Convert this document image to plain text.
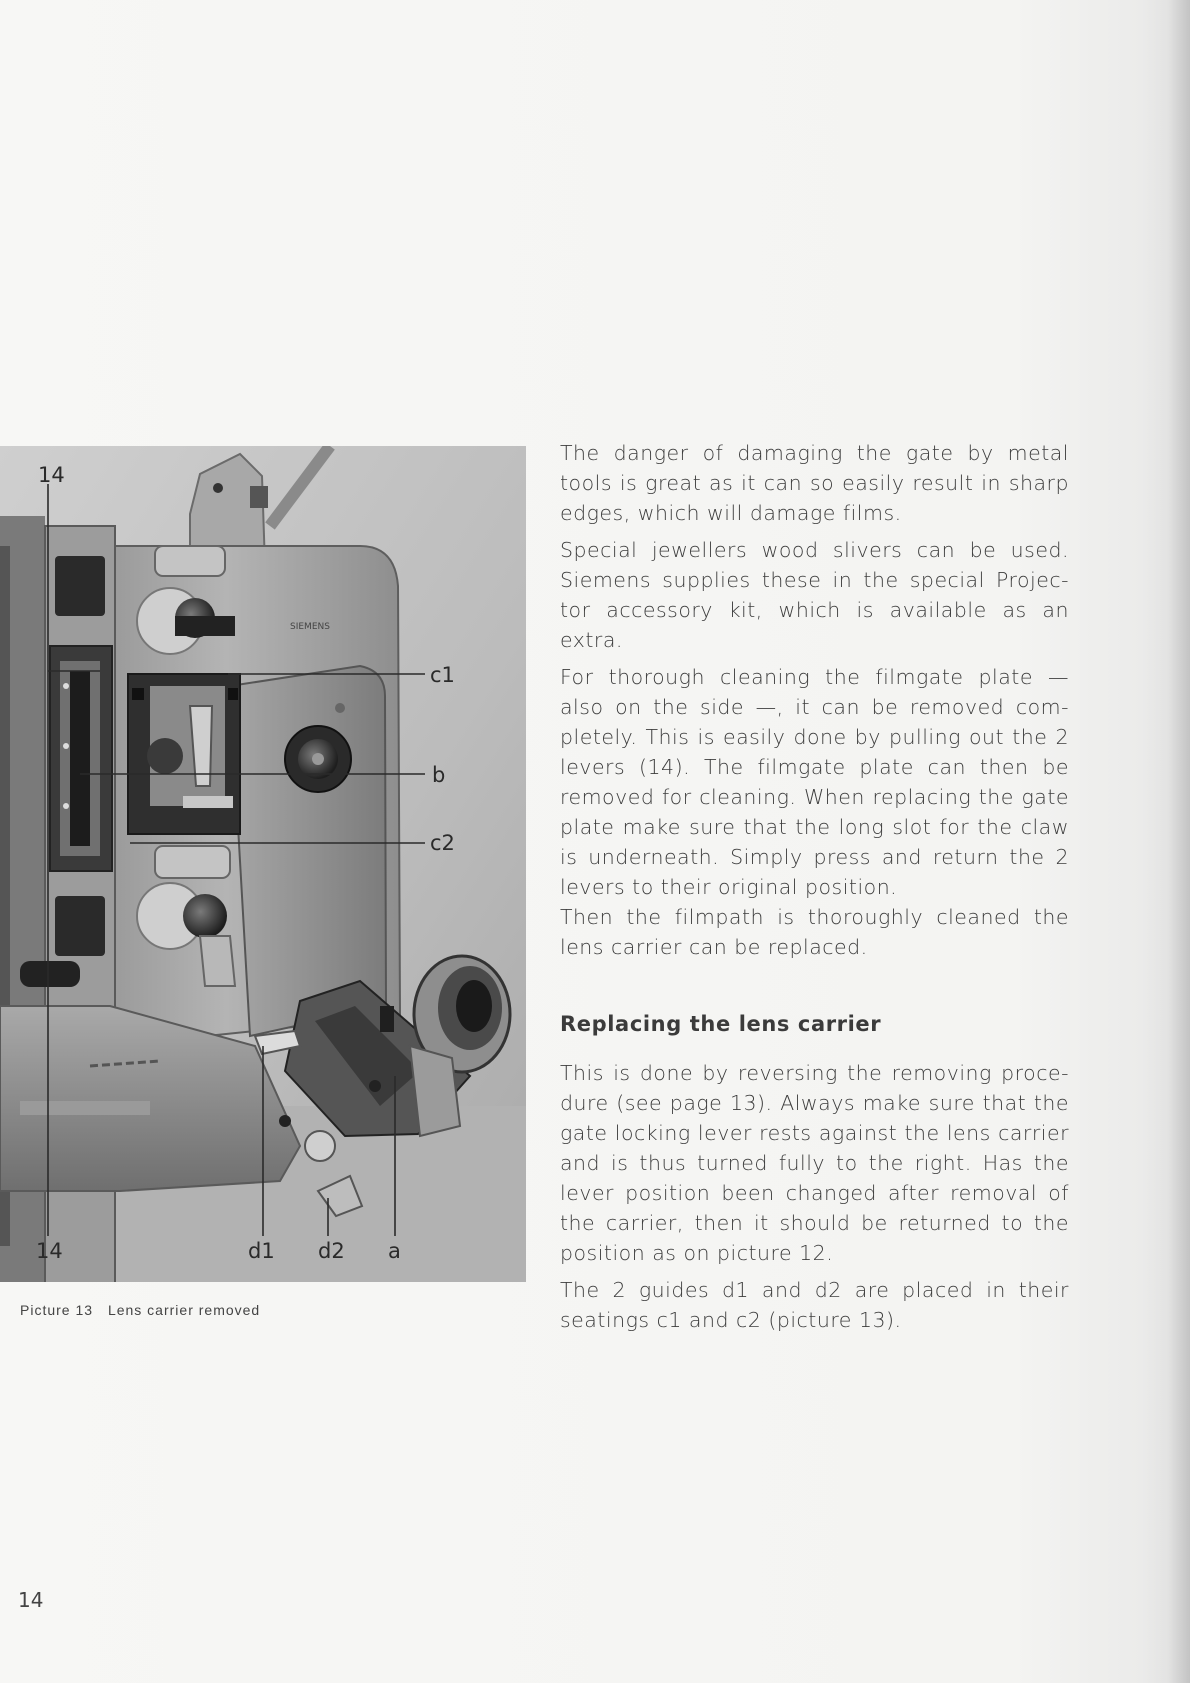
SIEMENS
14
c1
b
c2
14	d1 d2 a
Picture 13 Lens carrier removed

The danger of damaging the gate by metal tools is great as it can so easily result in sharp edges, which will damage films.

Special jewellers wood slivers can be used. Siemens supplies these in the special Projec-tor accessory kit, which is available as an extra.

For thorough cleaning the filmgate plate — also on the side —, it can be removed com-pletely. This is easily done by pulling out the 2 levers (14). The filmgate plate can then be removed for cleaning. When replacing the gate plate make sure that the long slot for the claw is underneath. Simply press and return the 2 levers to their original position.

Then the filmpath is thoroughly cleaned the lens carrier can be replaced.

Replacing the lens carrier

This is done by reversing the removing proce-dure (see page 13). Always make sure that the gate locking lever rests against the lens carrier and is thus turned fully to the right. Has the lever position been changed after removal of the carrier, then it should be returned to the position as on picture 12.

The 2 guides d1 and d2 are placed in their seatings c1 and c2 (picture 13).

14
